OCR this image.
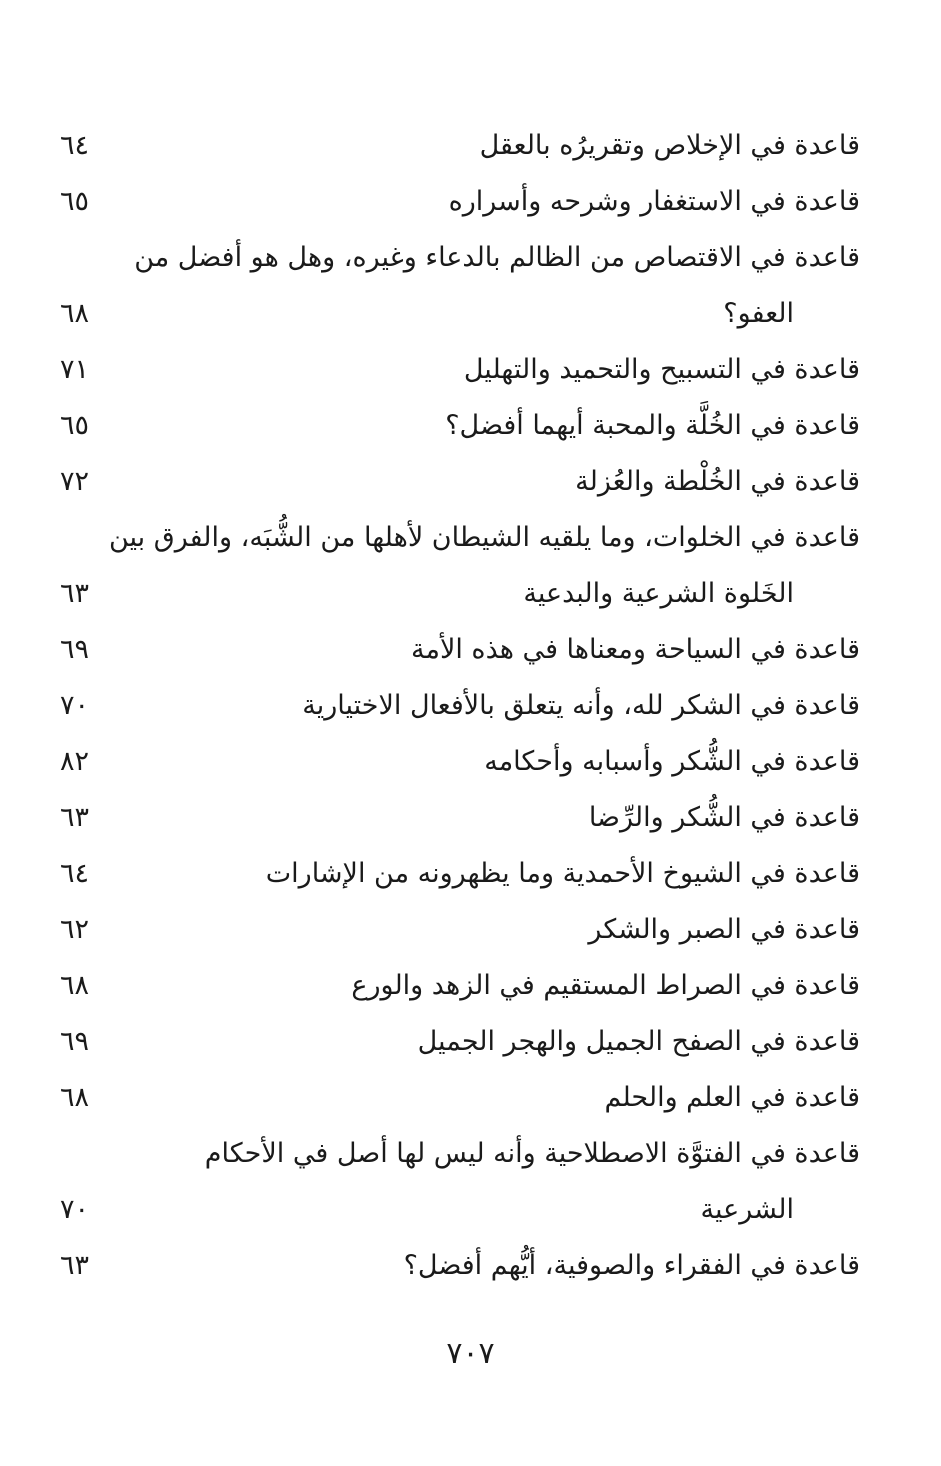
قاعدة في الإخلاص وتقريرُه بالعقل
٦٤
قاعدة في الاستغفار وشرحه وأسراره
٦٥
قاعدة في الاقتصاص من الظالم بالدعاء وغيره، وهل هو أفضل من
العفو؟
٦٨
قاعدة في التسبيح والتحميد والتهليل
٧١
قاعدة في الخُلَّة والمحبة أيهما أفضل؟
٦٥
قاعدة في الخُلْطة والعُزلة
٧٢
قاعدة في الخلوات، وما يلقيه الشيطان لأهلها من الشُّبَه، والفرق بين
الخَلوة الشرعية والبدعية
٦٣
قاعدة في السياحة ومعناها في هذه الأمة
٦٩
قاعدة في الشكر لله، وأنه يتعلق بالأفعال الاختيارية
٧٠
قاعدة في الشُّكر وأسبابه وأحكامه
٨٢
قاعدة في الشُّكر والرِّضا
٦٣
قاعدة في الشيوخ الأحمدية وما يظهرونه من الإشارات
٦٤
قاعدة في الصبر والشكر
٦٢
قاعدة في الصراط المستقيم في الزهد والورع
٦٨
قاعدة في الصفح الجميل والهجر الجميل
٦٩
قاعدة في العلم والحلم
٦٨
قاعدة في الفتوَّة الاصطلاحية وأنه ليس لها أصل في الأحكام
الشرعية
٧٠
قاعدة في الفقراء والصوفية، أيُّهم أفضل؟
٦٣
٧٠٧
